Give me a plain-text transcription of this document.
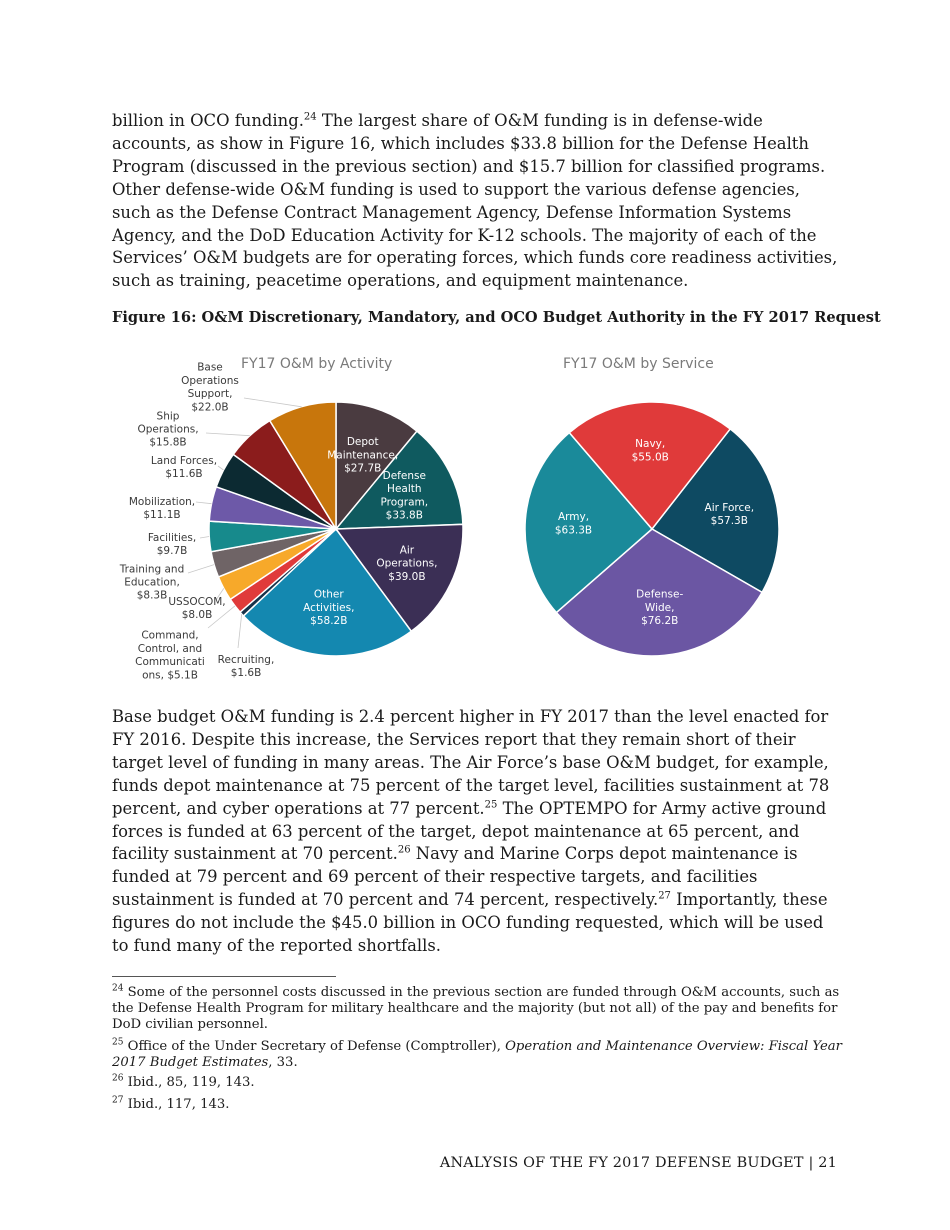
billion in OCO funding.$^{24}$ The largest share of O&M funding is in defense-wide accounts, as show in Figure 16, which includes $33.8 billion for the Defense Health Program (discussed in the previous section) and $15.7 billion for classified programs. Other defense-wide O&M funding is used to support the various defense agencies, such as the Defense Contract Management Agency, Defense Information Systems Agency, and the DoD Education Activity for K-12 schools. The majority of each of the Services’ O&M budgets are for operating forces, which funds core readiness activities, such as training, peacetime operations, and equipment maintenance.

Figure 16: O&M Discretionary, Mandatory, and OCO Budget Authority in the FY 2017 Request
FY17 O&M by Activity	FY17 O&M by Service
Depot Maintenance, $27.7B
Defense Health Program, $33.8B
Air Operations, $39.0B
Other Activities, $58.2B
Recruiting, $1.6B
Command, Control, and Communicati ons, $5.1B
USSOCOM, $8.0B
Training and Education, $8.3B
Facilities, $9.7B
Mobilization, $11.1B
Land Forces, $11.6B
Ship Operations, $15.8B
Base Operations Support, $22.0B
Air Force, $57.3B
Defense-Wide, $76.2B
Army, $63.3B
Navy, $55.0B

Base budget O&M funding is 2.4 percent higher in FY 2017 than the level enacted for FY 2016. Despite this increase, the Services report that they remain short of their target level of funding in many areas. The Air Force’s base O&M budget, for example, funds depot maintenance at 75 percent of the target level, facilities sustainment at 78 percent, and cyber operations at 77 percent.$^{25}$ The OPTEMPO for Army active ground forces is funded at 63 percent of the target, depot maintenance at 65 percent, and facility sustainment at 70 percent.$^{26}$ Navy and Marine Corps depot maintenance is funded at 79 percent and 69 percent of their respective targets, and facilities sustainment is funded at 70 percent and 74 percent, respectively.$^{27}$ Importantly, these figures do not include the $45.0 billion in OCO funding requested, which will be used to fund many of the reported shortfalls.

$^{24}$ Some of the personnel costs discussed in the previous section are funded through O&M accounts, such as the Defense Health Program for military healthcare and the majority (but not all) of the pay and benefits for DoD civilian personnel.

$^{25}$ Office of the Under Secretary of Defense (Comptroller), Operation and Maintenance Overview: Fiscal Year 2017 Budget Estimates, 33.

$^{26}$ Ibid., 85, 119, 143.

$^{27}$ Ibid., 117, 143.

ANALYSIS OF THE FY 2017 DEFENSE BUDGET | 21
